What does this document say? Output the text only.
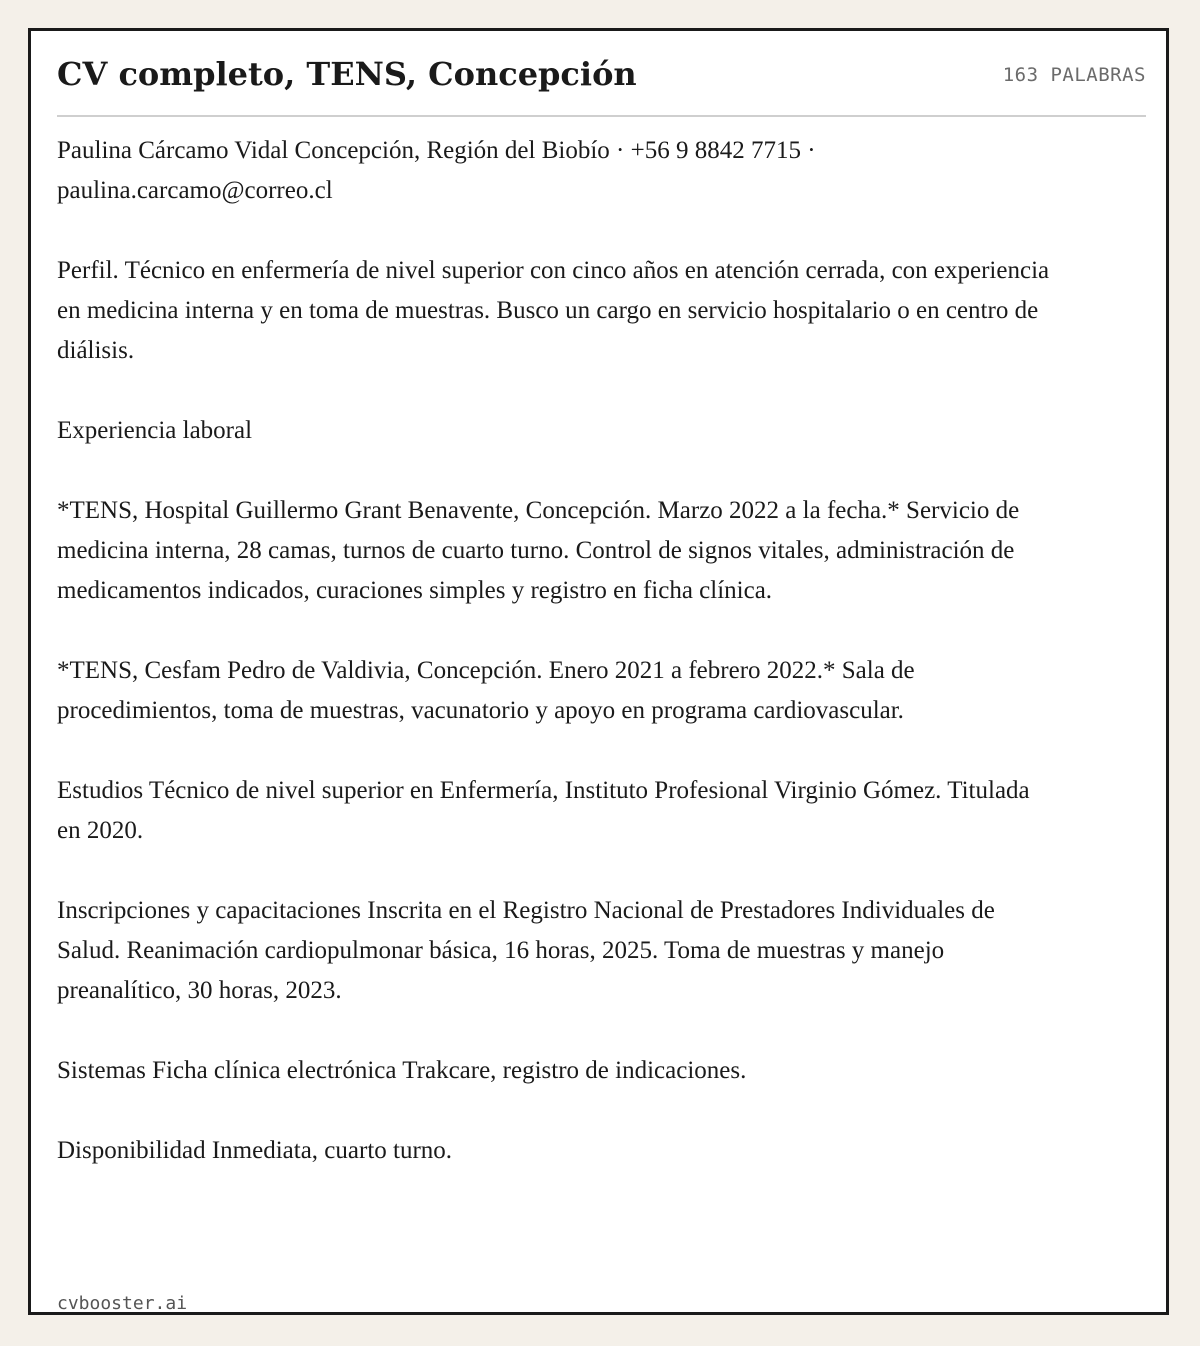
CV completo, TENS, Concepción	163 PALABRAS

Paulina Cárcamo Vidal Concepción, Región del Biobío · +56 9 8842 7715 · paulina.carcamo@correo.cl

Perfil. Técnico en enfermería de nivel superior con cinco años en atención cerrada, con experiencia en medicina interna y en toma de muestras. Busco un cargo en servicio hospitalario o en centro de diálisis.

Experiencia laboral

*TENS, Hospital Guillermo Grant Benavente, Concepción. Marzo 2022 a la fecha.* Servicio de medicina interna, 28 camas, turnos de cuarto turno. Control de signos vitales, administración de medicamentos indicados, curaciones simples y registro en ficha clínica.

*TENS, Cesfam Pedro de Valdivia, Concepción. Enero 2021 a febrero 2022.* Sala de procedimientos, toma de muestras, vacunatorio y apoyo en programa cardiovascular.

Estudios Técnico de nivel superior en Enfermería, Instituto Profesional Virginio Gómez. Titulada en 2020.

Inscripciones y capacitaciones Inscrita en el Registro Nacional de Prestadores Individuales de Salud. Reanimación cardiopulmonar básica, 16 horas, 2025. Toma de muestras y manejo preanalítico, 30 horas, 2023.

Sistemas Ficha clínica electrónica Trakcare, registro de indicaciones.

Disponibilidad Inmediata, cuarto turno.

cvbooster.ai
